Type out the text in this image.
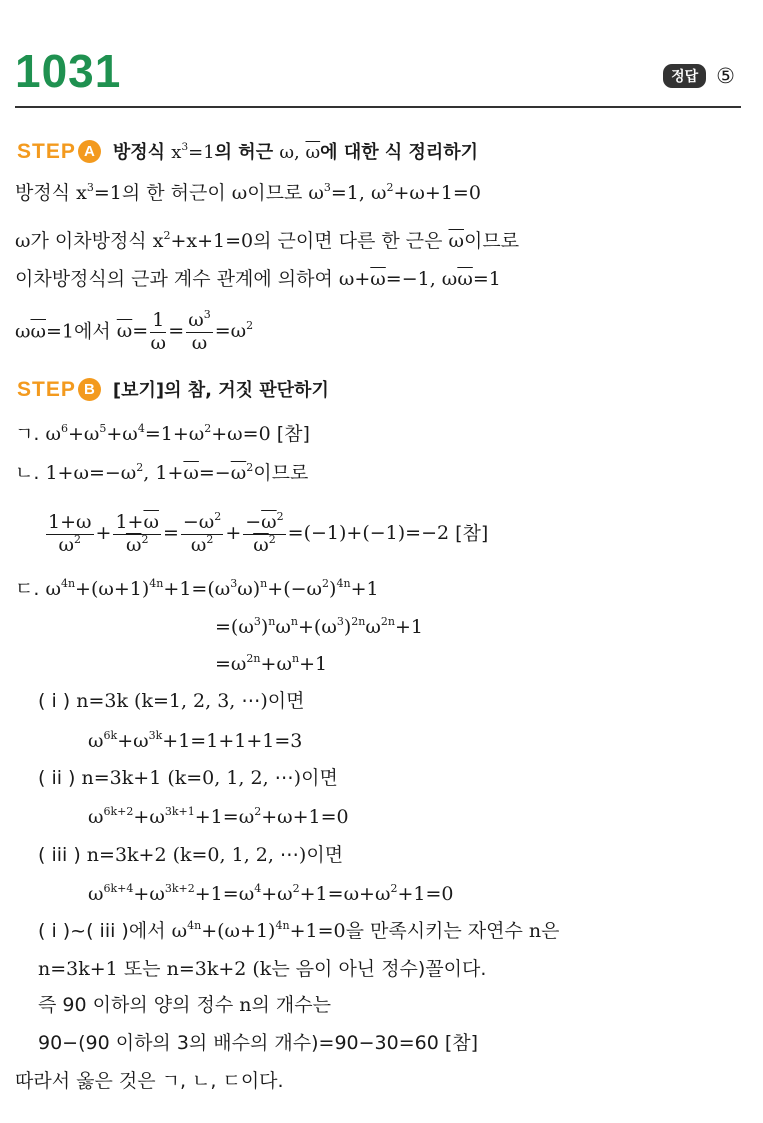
1031	정답 ⑤
STEP A 방정식 $x^3=1$의 허근 ω, $\overline{\omega}$에 대한 식 정리하기
방정식 $x^3=1$의 한 허근이 ω이므로 $\omega^3=1$, $\omega^2+\omega+1=0$
ω가 이차방정식 $x^2+x+1=0$의 근이면 다른 한 근은 $\overline{\omega}$이므로
이차방정식의 근과 계수 관계에 의하여 $\omega+\overline{\omega}=-1$, $\omega\overline{\omega}=1$
$\omega\overline{\omega}=1$에서 $\overline{\omega}= \frac{1}{\omega} = \frac{\omega^3}{\omega} =\omega^2$
STEP B [보기]의 참, 거짓 판단하기
ㄱ. $\omega^6+\omega^5+\omega^4=1+\omega^2+\omega=0$ [참]
ㄴ. $1+\omega=-\omega^2$, $1+\overline{\omega}=-\overline{\omega}^2$이므로
$\frac{1+\omega}{\omega^2} + \frac{1+\overline{\omega}}{\overline{\omega}^2} = \frac{-\omega^2}{\omega^2} + \frac{-\overline{\omega}^2}{\overline{\omega}^2} =(-1)+(-1)=-2$ [참]
ㄷ. $\omega^{4n}+(\omega+1)^{4n}+1=(\omega^3\omega)^n+(-\omega^2)^{4n}+1$
$=(\omega^3)^n\omega^n+(\omega^3)^{2n}\omega^{2n}+1$
$=\omega^{2n}+\omega^n+1$
( i ) n=3k (k=1, 2, 3, ⋯)이면
$\omega^{6k}+\omega^{3k}+1=1+1+1=3$
( ii ) n=3k+1 (k=0, 1, 2, ⋯)이면
$\omega^{6k+2}+\omega^{3k+1}+1=\omega^2+\omega+1=0$
( iii ) n=3k+2 (k=0, 1, 2, ⋯)이면
$\omega^{6k+4}+\omega^{3k+2}+1=\omega^4+\omega^2+1=\omega+\omega^2+1=0$
( i )~( iii )에서 $\omega^{4n}+(\omega+1)^{4n}+1=0$을 만족시키는 자연수 n은
n=3k+1 또는 n=3k+2 (k는 음이 아닌 정수)꼴이다.
즉 90 이하의 양의 정수 n의 개수는
90−(90 이하의 3의 배수의 개수)=90−30=60 [참]
따라서 옳은 것은 ㄱ, ㄴ, ㄷ이다.
